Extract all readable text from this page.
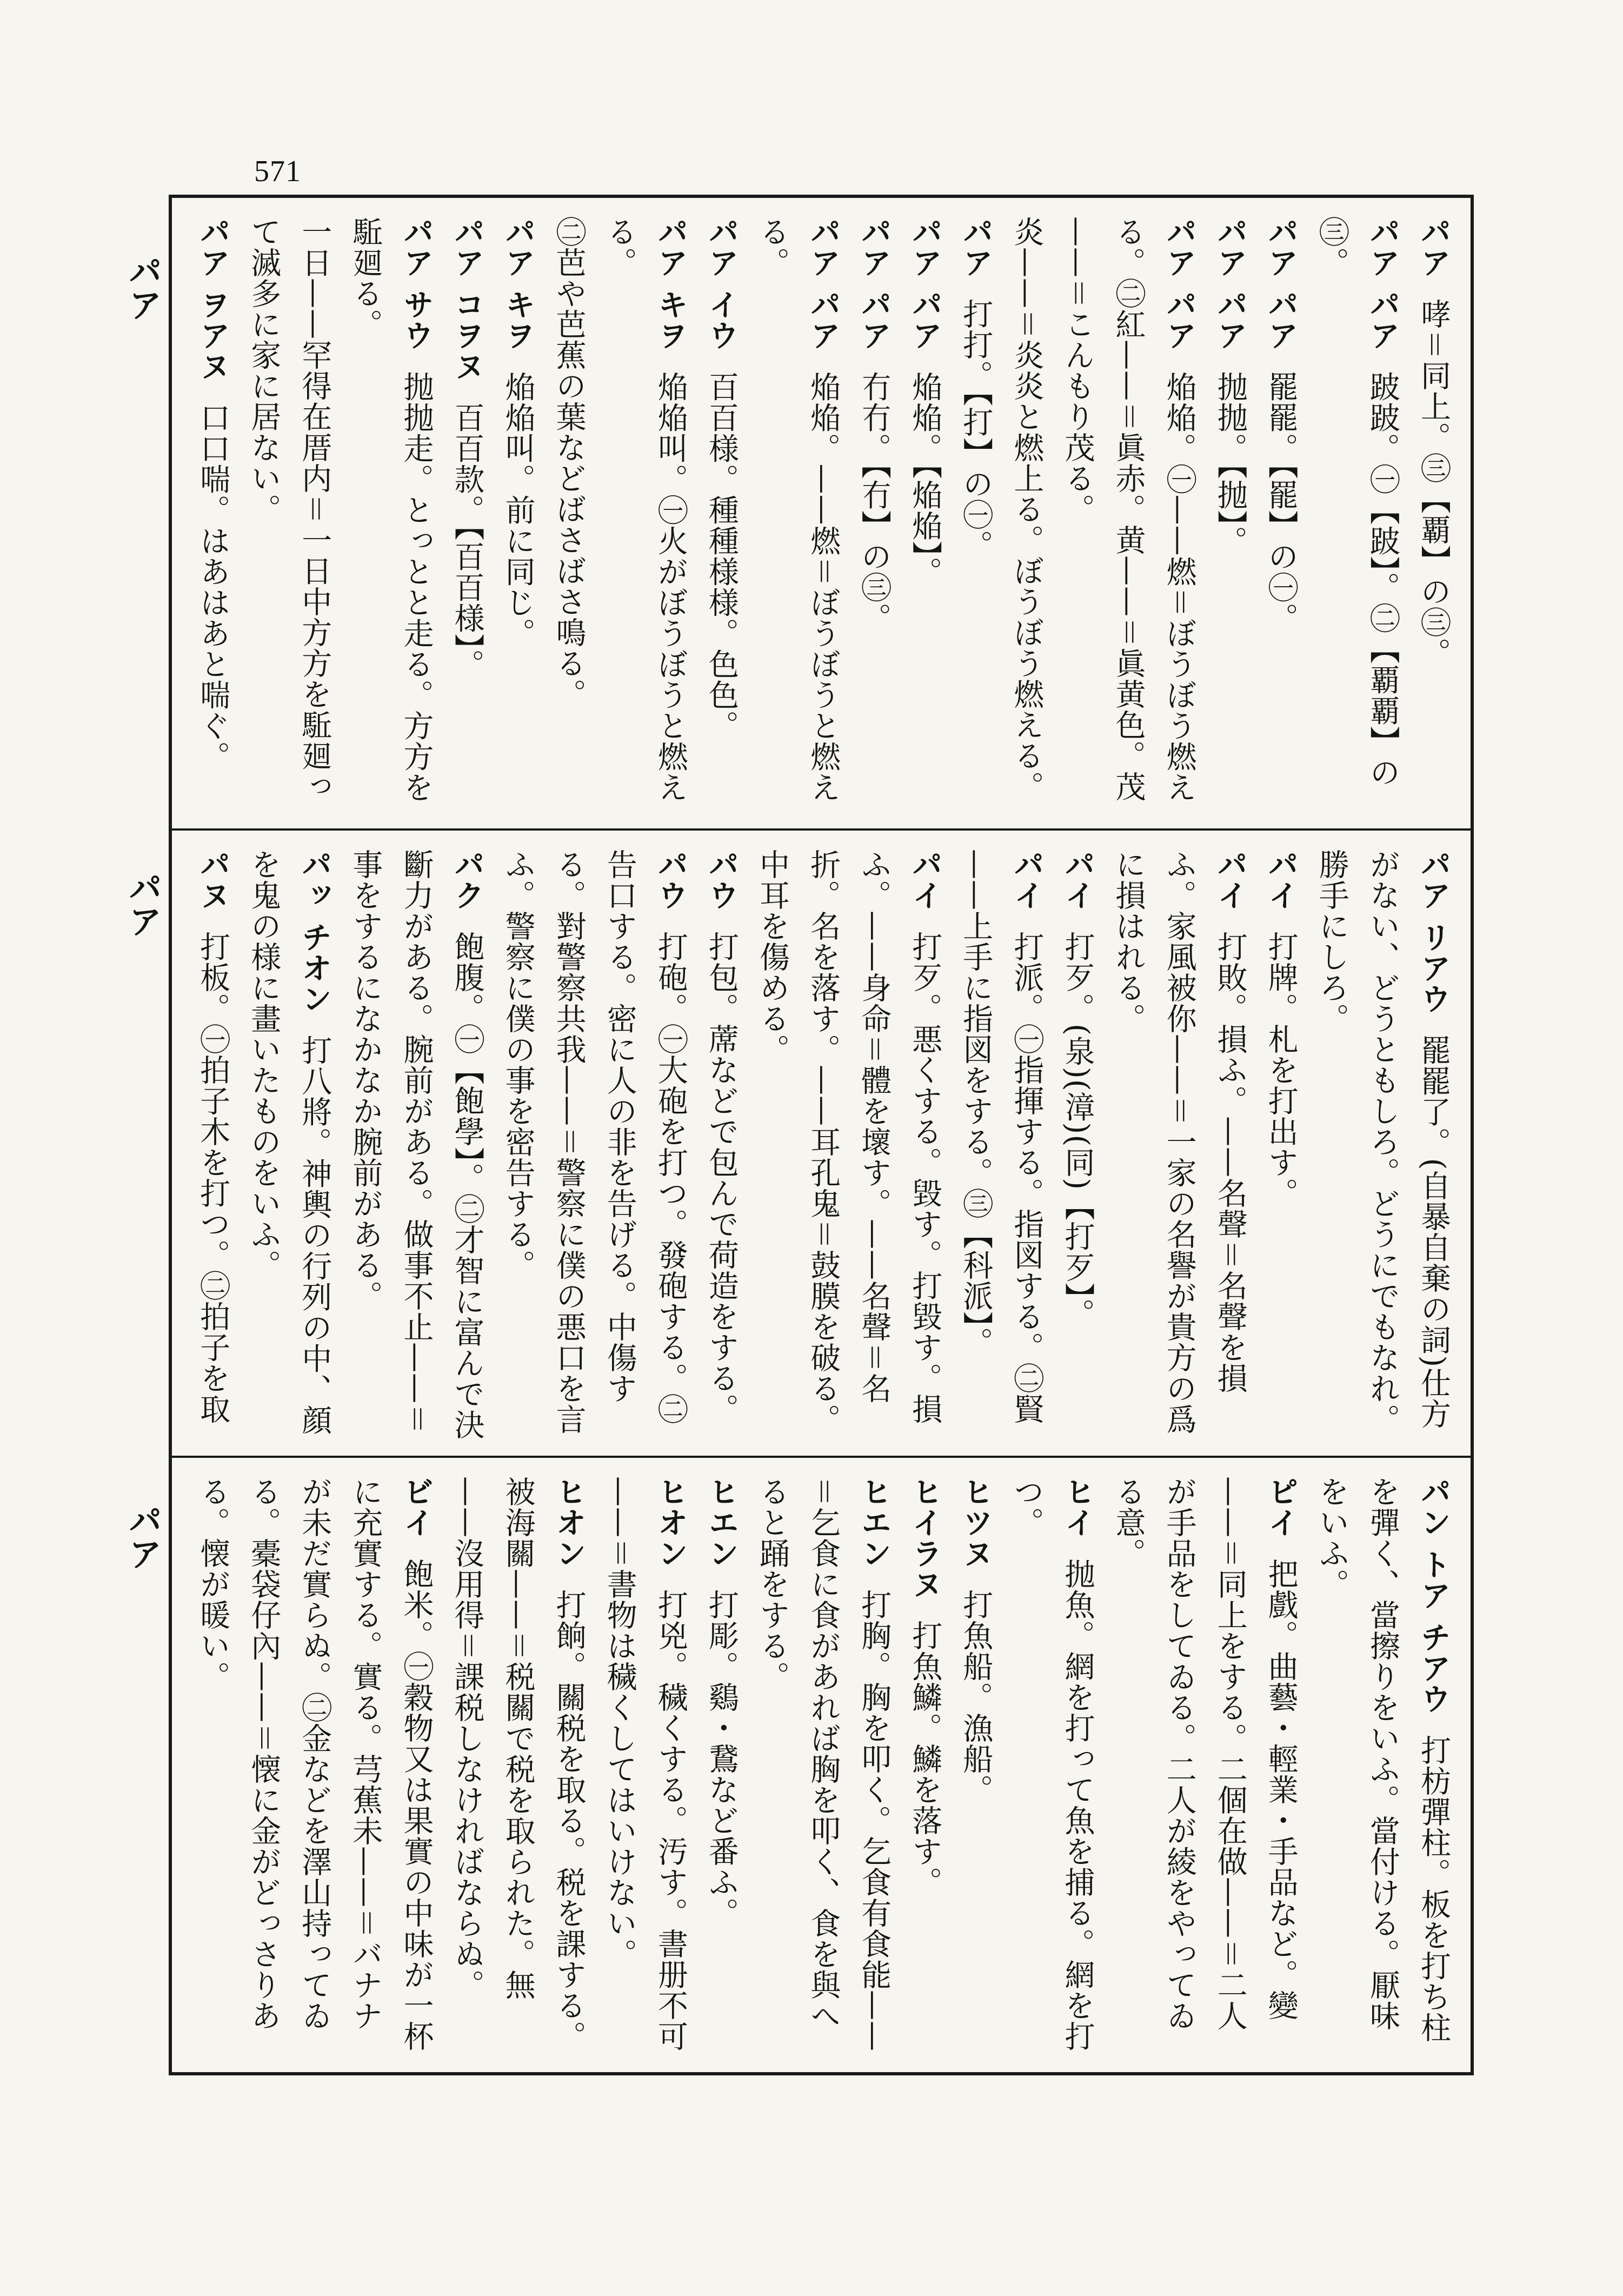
571
パア
パア
パア

パア哮＝同上。㊂【覇】の㊂。

パア パア跛跛。㊀【跛】。㊁【覇覇】の㊂。

パア パア罷罷。【罷】の㊀。

パア パア抛抛。【抛】。

パア パア焔焔。㊀——燃＝ぼうぼう燃える。㊁紅——＝眞赤。黄——＝眞黄色。茂——＝こんもり茂る。

炎——＝炎炎と燃上る。ぼうぼう燃える。

パア打打。【打】の㊀。

パア パア焔焔。【焔焔】。

パア パア冇冇。【冇】の㊂。

パア パア焔焔。——燃＝ぼうぼうと燃える。

パア イウ百百様。種種様様。色色。

パア キヲ焔焔叫。㊀火がぼうぼうと燃える。

㊁芭や芭蕉の葉などばさばさ鳴る。

パア キヲ焔焔叫。前に同じ。

パア コヲヌ百百款。【百百様】。

パア サウ抛抛走。とっとと走る。方方を駈廻る。

一日——罕得在厝内＝一日中方方を駈廻って滅多に家に居ない。

パア ヲアヌ口口喘。はあはあと喘ぐ。

パア リアウ罷罷了。(自暴自棄の詞)仕方がない、どうともしろ。どうにでもなれ。勝手にしろ。

パイ打牌。札を打出す。

パイ打敗。損ふ。——名聲＝名聲を損ふ。家風被你——＝一家の名譽が貴方の爲に損はれる。

パイ打歹。(泉)(漳)(同)【打歹】。

パイ打派。㊀指揮する。指図する。㊁賢——上手に指図をする。㊂【科派】。

パイ打歹。悪くする。毀す。打毀す。損ふ。——身命＝體を壞す。——名聲＝名折。名を落す。——耳孔鬼＝鼓膜を破る。中耳を傷める。

パウ打包。蓆などで包んで荷造をする。

パウ打砲。㊀大砲を打つ。發砲する。㊁告口する。密に人の非を告げる。中傷する。對警察共我——＝警察に僕の悪口を言ふ。警察に僕の事を密告する。

パク飽腹。㊀【飽學】。㊁才智に富んで決斷力がある。腕前がある。做事不止——＝事をするになかなか腕前がある。

パッ チオン打八將。神輿の行列の中、顔を鬼の様に畫いたものをいふ。

パヌ打板。㊀拍子木を打つ。㊁拍子を取

パン トア チアウ打枋彈柱。板を打ち柱を彈く、當擦りをいふ。當付ける。厭味をいふ。

ピイ把戲。曲藝・輕業・手品など。變——＝同上をする。二個在做——＝二人が手品をしてゐる。二人が綾をやってゐる意。

ヒイ抛魚。網を打って魚を捕る。網を打つ。

ヒツヌ打魚船。漁船。

ヒイラヌ打魚鱗。鱗を落す。

ヒエン打胸。胸を叩く。乞食有食能——＝乞食に食があれば胸を叩く、食を與へると踊をする。

ヒエン打彫。鷄・鵞など番ふ。

ヒオン打兇。穢くする。汚す。書册不可——＝書物は穢くしてはいけない。

ヒオン打餉。關税を取る。税を課する。被海關——＝税關で税を取られた。無——沒用得＝課税しなければならぬ。

ビイ飽米。㊀穀物又は果實の中味が一杯に充實する。實る。芎蕉未——＝バナナが未だ實らぬ。㊁金などを澤山持ってゐる。橐袋仔內——＝懐に金がどっさりある。懐が暖い。
